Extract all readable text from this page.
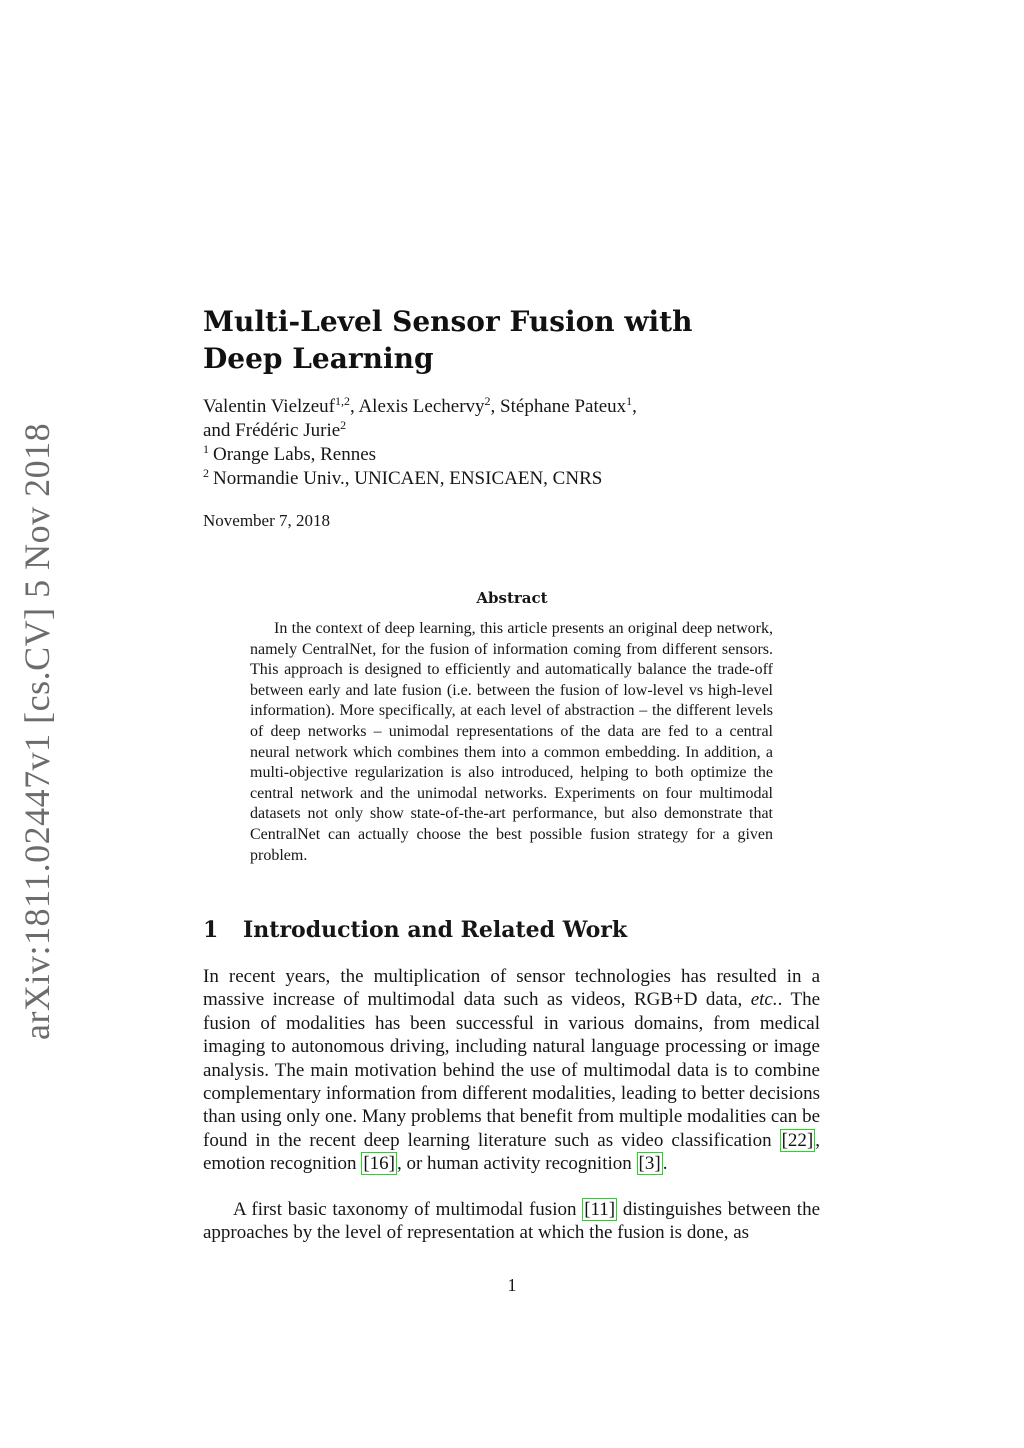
arXiv:1811.02447v1 [cs.CV] 5 Nov 2018
Multi-Level Sensor Fusion with Deep Learning
Valentin Vielzeuf$^{1,2}$, Alexis Lechervy$^2$, Stéphane Pateux$^1$,
and Frédéric Jurie$^2$
$^1$ Orange Labs, Rennes
$^2$ Normandie Univ., UNICAEN, ENSICAEN, CNRS

November 7, 2018

Abstract

In the context of deep learning, this article presents an original deep network, namely CentralNet, for the fusion of information coming from different sensors. This approach is designed to efficiently and automatically balance the trade-off between early and late fusion (i.e. between the fusion of low-level vs high-level information). More specifically, at each level of abstraction – the different levels of deep networks – unimodal representations of the data are fed to a central neural network which combines them into a common embedding. In addition, a multi-objective regularization is also introduced, helping to both optimize the central network and the unimodal networks. Experiments on four multimodal datasets not only show state-of-the-art performance, but also demonstrate that CentralNet can actually choose the best possible fusion strategy for a given problem.

1 Introduction and Related Work

In recent years, the multiplication of sensor technologies has resulted in a massive increase of multimodal data such as videos, RGB+D data, etc.. The fusion of modalities has been successful in various domains, from medical imaging to autonomous driving, including natural language processing or image analysis. The main motivation behind the use of multimodal data is to combine complementary information from different modalities, leading to better decisions than using only one. Many problems that benefit from multiple modalities can be found in the recent deep learning literature such as video classification [22] , emotion recognition [16] , or human activity recognition [3] .

A first basic taxonomy of multimodal fusion [11] distinguishes between the approaches by the level of representation at which the fusion is done, as

1
